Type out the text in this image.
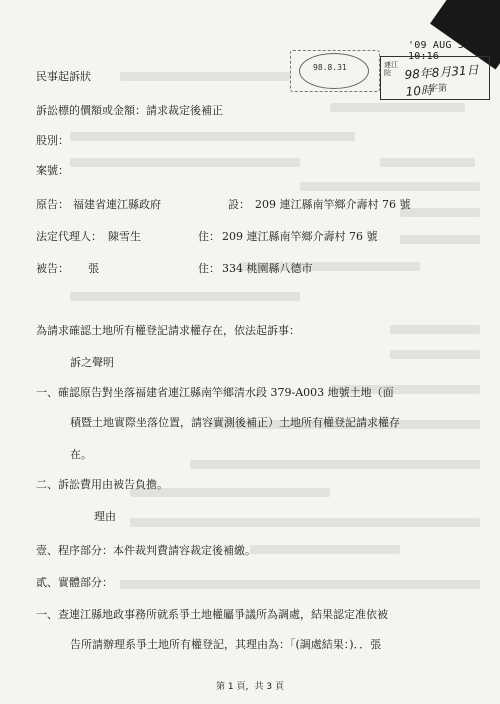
'09 AUG 31 10:16
98.8.31	連江院	98年8月31日10時
字第
民事起訴狀
訴訟標的價額或金額：請求裁定後補正
股別：
案號：
原告： 福建省連江縣政府	設： 209 連江縣南竿鄉介壽村 76 號
法定代理人： 陳雪生	住： 209 連江縣南竿鄉介壽村 76 號
被告： 張	住： 334 桃園縣八德市
為請求確認土地所有權登記請求權存在，依法起訴事：
訴之聲明
一、確認原告對坐落福建省連江縣南竿鄉清水段 379-A003 地號土地（面
積暨土地實際坐落位置，請容實測後補正）土地所有權登記請求權存
在。
二、訴訟費用由被告負擔。
理由
壹、程序部分：本件裁判費請容裁定後補繳。
貳、實體部分：
一、查連江縣地政事務所就系爭土地權屬爭議所為調處，結果認定准依被
告所請辦理系爭土地所有權登記，其理由為：「(調處結果：)．．張
第 1 頁，共 3 頁
